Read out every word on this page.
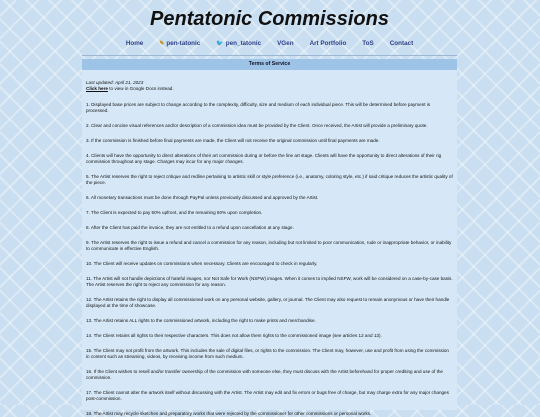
Pentatonic Commissions
Home	✎ pen-tatonic	🐦 pen_tatonic	VGen	Art Portfolio	ToS	Contact
Terms of Service

Last updated: April 21, 2023

Click here to view in Google Docs instead.

1. Displayed base prices are subject to change according to the complexity, difficulty, size and medium of each individual piece. This will be determined before payment is processed.

2. Clear and concise visual references and/or description of a commission idea must be provided by the Client. Once received, the Artist will provide a preliminary quote.

3. If the commission is finished before final payments are made, the Client will not receive the original commission until final payments are made.

4. Clients will have the opportunity to direct alterations of their art commission during or before the line art stage. Clients will have the opportunity to direct alterations of their rig commission throughout any stage. Charges may incur for any major changes.

5. The Artist reserves the right to reject critique and redline pertaining to artistic skill or style preference (i.e., anatomy, coloring style, etc.) if said critique reduces the artistic quality of the piece.

6. All monetary transactions must be done through PayPal unless previously discussed and approved by the Artist.

7. The Client is expected to pay 50% upfront, and the remaining 50% upon completion.

8. After the Client has paid the invoice, they are not entitled to a refund upon cancellation at any stage.

9. The Artist reserves the right to issue a refund and cancel a commission for any reason, including but not limited to poor communication, rude or inappropriate behavior, or inability to communicate in effective English.

10. The Client will receive updates on commissions when necessary. Clients are encouraged to check in regularly.

11. The Artist will not handle depictions of hateful images, nor Not Safe for Work (NSFW) images. When it comes to implied NSFW, work will be considered on a case-by-case basis. The Artist reserves the right to reject any commission for any reason.

12. The Artist retains the right to display all commissioned work on any personal website, gallery, or journal. The Client may also request to remain anonymous or have their handle displayed at the time of showcase.

13. The Artist retains ALL rights to the commissioned artwork, including the right to make prints and merchandise.

14. The Client retains all rights to their respective characters. This does not allow them rights to the commissioned image (see articles 12 and 13).

15. The Client may not profit from the artwork. This includes the sale of digital files, or rights to the commission. The Client may, however, use and profit from using the commission in content such as streaming, videos, by receiving income from such medium.

16. If the Client wishes to resell and/or transfer ownership of the commission with someone else, they must discuss with the Artist beforehand for proper crediting and use of the commission.

17. The Client cannot alter the artwork itself without discussing with the Artist. The Artist may edit and fix errors or bugs free of charge, but may charge extra for any major changes post-commission.

18. The Artist may recycle sketches and preparatory works that were rejected by the commissioner for other commissions or personal works.
